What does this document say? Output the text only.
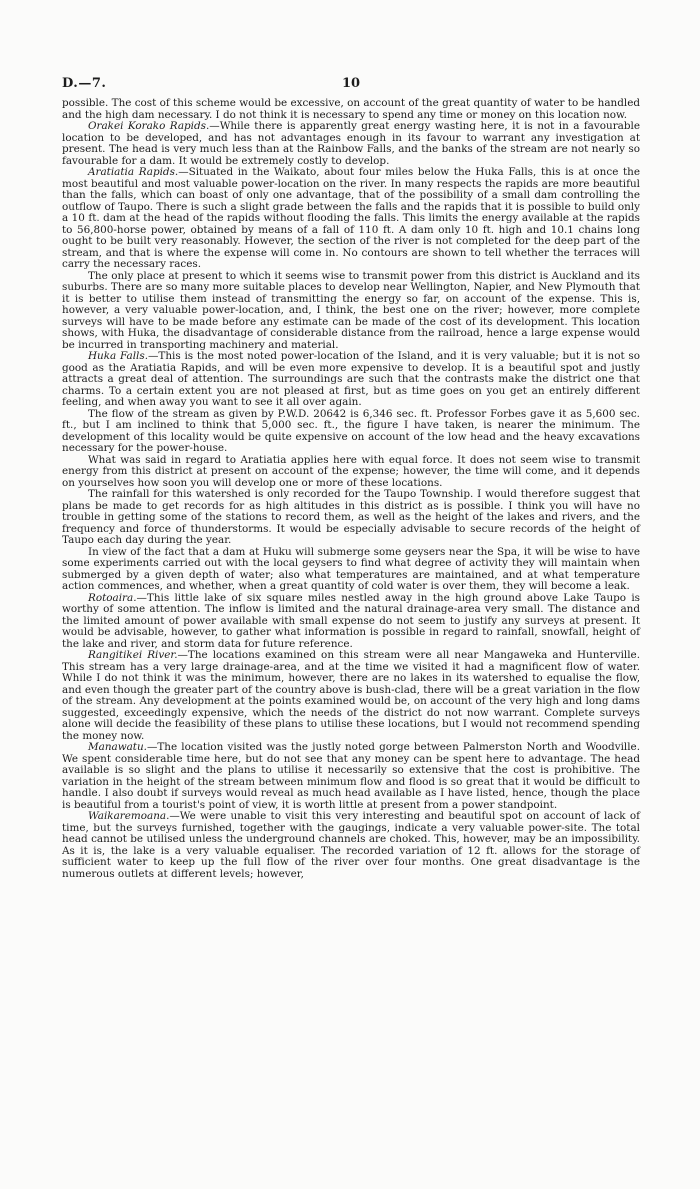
D.—7.	10

possible. The cost of this scheme would be excessive, on account of the great quantity of water to be handled and the high dam necessary. I do not think it is necessary to spend any time or money on this location now.

Orakei Korako Rapids.—While there is apparently great energy wasting here, it is not in a favourable location to be developed, and has not advantages enough in its favour to warrant any investigation at present. The head is very much less than at the Rainbow Falls, and the banks of the stream are not nearly so favourable for a dam. It would be extremely costly to develop.

Aratiatia Rapids.—Situated in the Waikato, about four miles below the Huka Falls, this is at once the most beautiful and most valuable power-location on the river. In many respects the rapids are more beautiful than the falls, which can boast of only one advantage, that of the possibility of a small dam controlling the outflow of Taupo. There is such a slight grade between the falls and the rapids that it is possible to build only a 10 ft. dam at the head of the rapids without flooding the falls. This limits the energy available at the rapids to 56,800-horse power, obtained by means of a fall of 110 ft. A dam only 10 ft. high and 10.1 chains long ought to be built very reasonably. However, the section of the river is not completed for the deep part of the stream, and that is where the expense will come in. No contours are shown to tell whether the terraces will carry the necessary races.

The only place at present to which it seems wise to transmit power from this district is Auckland and its suburbs. There are so many more suitable places to develop near Wellington, Napier, and New Plymouth that it is better to utilise them instead of transmitting the energy so far, on account of the expense. This is, however, a very valuable power-location, and, I think, the best one on the river; however, more complete surveys will have to be made before any estimate can be made of the cost of its development. This location shows, with Huka, the disadvantage of considerable distance from the railroad, hence a large expense would be incurred in transporting machinery and material.

Huka Falls.—This is the most noted power-location of the Island, and it is very valuable; but it is not so good as the Aratiatia Rapids, and will be even more expensive to develop. It is a beautiful spot and justly attracts a great deal of attention. The surroundings are such that the contrasts make the district one that charms. To a certain extent you are not pleased at first, but as time goes on you get an entirely different feeling, and when away you want to see it all over again.

The flow of the stream as given by P.W.D. 20642 is 6,346 sec. ft. Professor Forbes gave it as 5,600 sec. ft., but I am inclined to think that 5,000 sec. ft., the figure I have taken, is nearer the minimum. The development of this locality would be quite expensive on account of the low head and the heavy excavations necessary for the power-house.

What was said in regard to Aratiatia applies here with equal force. It does not seem wise to transmit energy from this district at present on account of the expense; however, the time will come, and it depends on yourselves how soon you will develop one or more of these locations.

The rainfall for this watershed is only recorded for the Taupo Township. I would therefore suggest that plans be made to get records for as high altitudes in this district as is possible. I think you will have no trouble in getting some of the stations to record them, as well as the height of the lakes and rivers, and the frequency and force of thunderstorms. It would be especially advisable to secure records of the height of Taupo each day during the year.

In view of the fact that a dam at Huku will submerge some geysers near the Spa, it will be wise to have some experiments carried out with the local geysers to find what degree of activity they will maintain when submerged by a given depth of water; also what temperatures are maintained, and at what temperature action commences, and whether, when a great quantity of cold water is over them, they will become a leak.

Rotoaira.—This little lake of six square miles nestled away in the high ground above Lake Taupo is worthy of some attention. The inflow is limited and the natural drainage-area very small. The distance and the limited amount of power available with small expense do not seem to justify any surveys at present. It would be advisable, however, to gather what information is possible in regard to rainfall, snowfall, height of the lake and river, and storm data for future reference.

Rangitikei River.—The locations examined on this stream were all near Mangaweka and Hunterville. This stream has a very large drainage-area, and at the time we visited it had a magnificent flow of water. While I do not think it was the minimum, however, there are no lakes in its watershed to equalise the flow, and even though the greater part of the country above is bush-clad, there will be a great variation in the flow of the stream. Any development at the points examined would be, on account of the very high and long dams suggested, exceedingly expensive, which the needs of the district do not now warrant. Complete surveys alone will decide the feasibility of these plans to utilise these locations, but I would not recommend spending the money now.

Manawatu.—The location visited was the justly noted gorge between Palmerston North and Woodville. We spent considerable time here, but do not see that any money can be spent here to advantage. The head available is so slight and the plans to utilise it necessarily so extensive that the cost is prohibitive. The variation in the height of the stream between minimum flow and flood is so great that it would be difficult to handle. I also doubt if surveys would reveal as much head available as I have listed, hence, though the place is beautiful from a tourist's point of view, it is worth little at present from a power standpoint.

Waikaremoana.—We were unable to visit this very interesting and beautiful spot on account of lack of time, but the surveys furnished, together with the gaugings, indicate a very valuable power-site. The total head cannot be utilised unless the underground channels are choked. This, however, may be an impossibility. As it is, the lake is a very valuable equaliser. The recorded variation of 12 ft. allows for the storage of sufficient water to keep up the full flow of the river over four months. One great disadvantage is the numerous outlets at different levels; however,
